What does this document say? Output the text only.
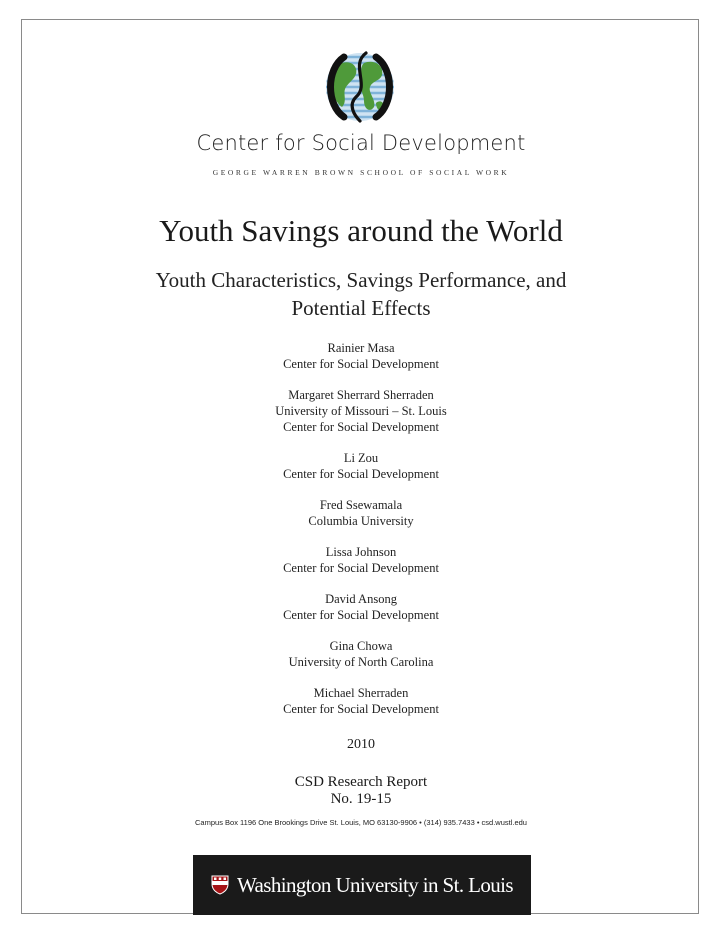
Center for Social Development
GEORGE WARREN BROWN SCHOOL OF SOCIAL WORK
Youth Savings around the World
Youth Characteristics, Savings Performance, and
Potential Effects
Rainier Masa
Center for Social Development
Margaret Sherrard Sherraden
University of Missouri – St. Louis
Center for Social Development
Li Zou
Center for Social Development
Fred Ssewamala
Columbia University
Lissa Johnson
Center for Social Development
David Ansong
Center for Social Development
Gina Chowa
University of North Carolina
Michael Sherraden
Center for Social Development
2010
CSD Research Report
No. 19-15
Campus Box 1196 One Brookings Drive St. Louis, MO 63130-9906 • (314) 935.7433 • csd.wustl.edu
Washington University in St. Louis
